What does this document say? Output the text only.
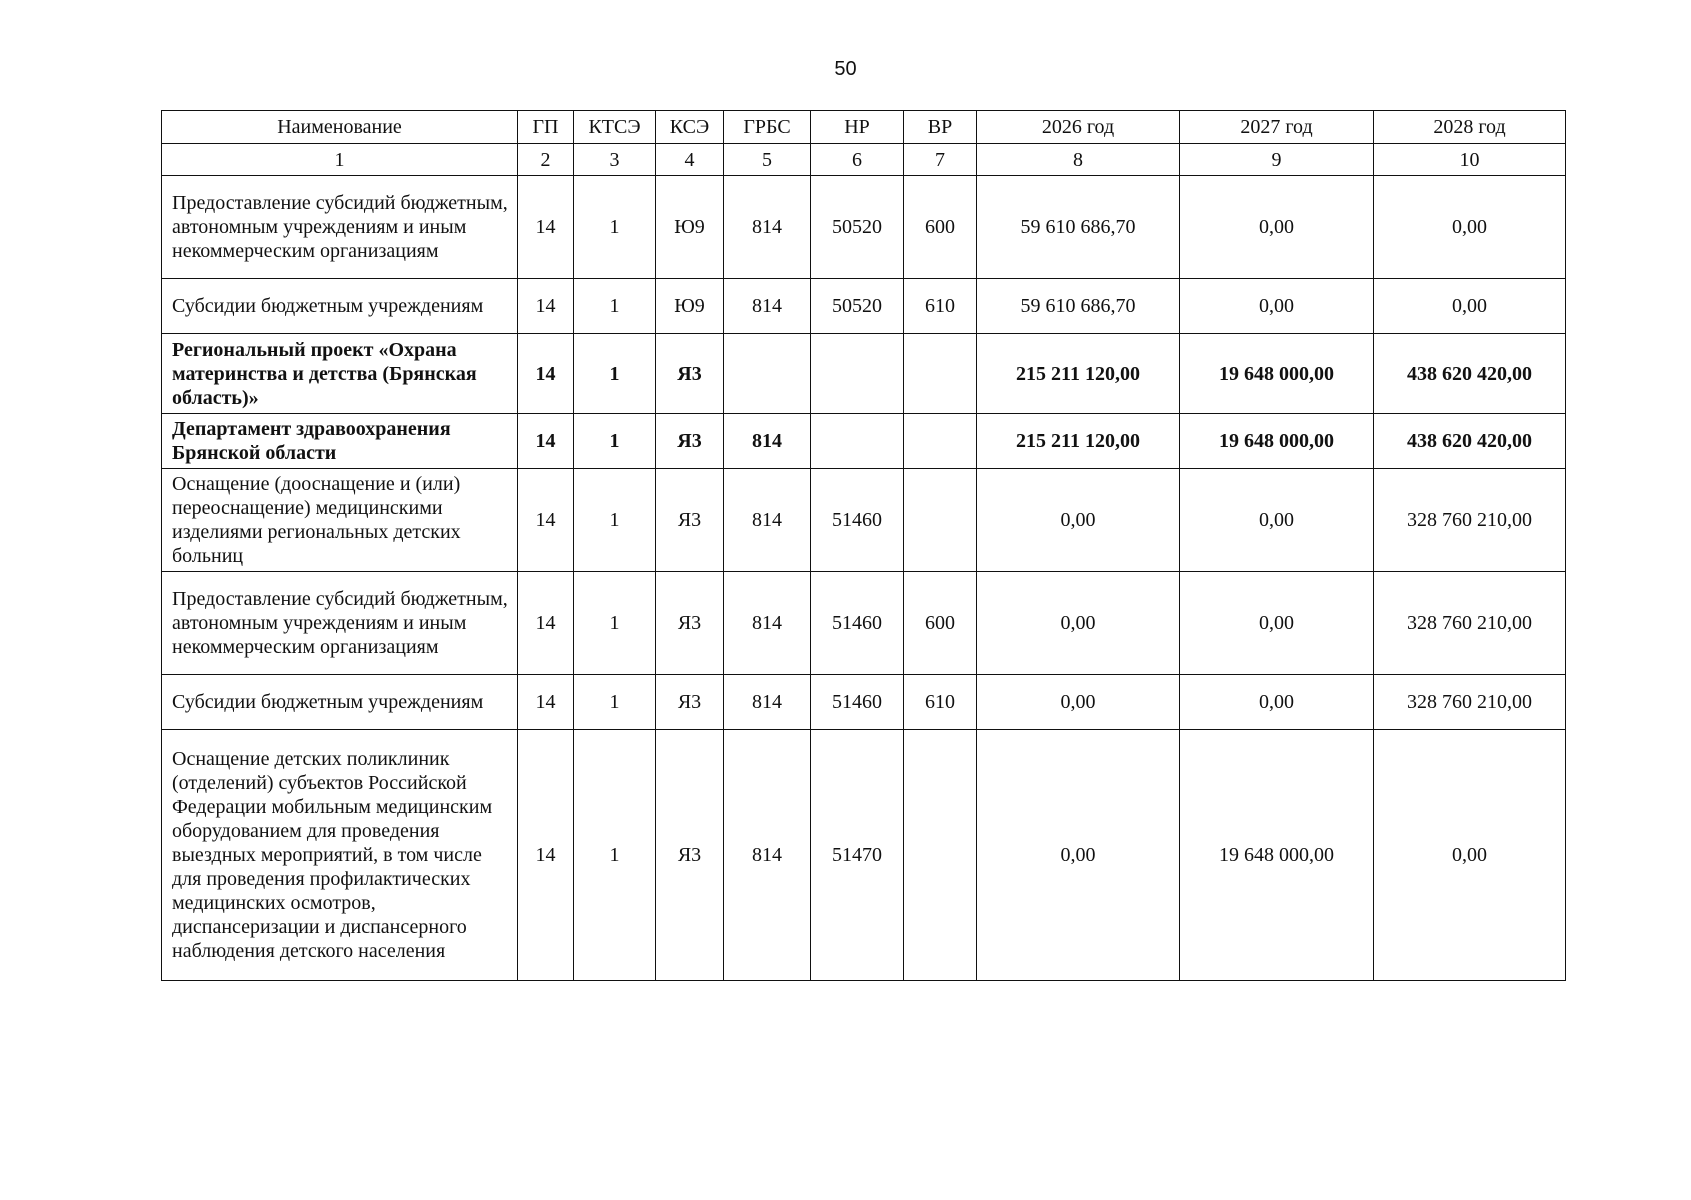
50
Наименование	ГП	КТСЭ	КСЭ	ГРБС	НР	ВР	2026 год	2027 год	2028 год
1	2	3	4	5	6	7	8	9	10
Предоставление субсидий бюджетным, автономным учреждениям и иным некоммерческим организациям	14	1	Ю9	814	50520	600	59 610 686,70	0,00	0,00
Субсидии бюджетным учреждениям	14	1	Ю9	814	50520	610	59 610 686,70	0,00	0,00
Региональный проект «Охрана материнства и детства (Брянская область)»	14	1	Я3				215 211 120,00	19 648 000,00	438 620 420,00
Департамент здравоохранения Брянской области	14	1	Я3	814			215 211 120,00	19 648 000,00	438 620 420,00
Оснащение (дооснащение и (или) переоснащение) медицинскими изделиями региональных детских больниц	14	1	Я3	814	51460		0,00	0,00	328 760 210,00
Предоставление субсидий бюджетным, автономным учреждениям и иным некоммерческим организациям	14	1	Я3	814	51460	600	0,00	0,00	328 760 210,00
Субсидии бюджетным учреждениям	14	1	Я3	814	51460	610	0,00	0,00	328 760 210,00
Оснащение детских поликлиник (отделений) субъектов Российской Федерации мобильным медицинским оборудованием для проведения выездных мероприятий, в том числе для проведения профилактических медицинских осмотров, диспансеризации и диспансерного наблюдения детского населения	14	1	Я3	814	51470		0,00	19 648 000,00	0,00
